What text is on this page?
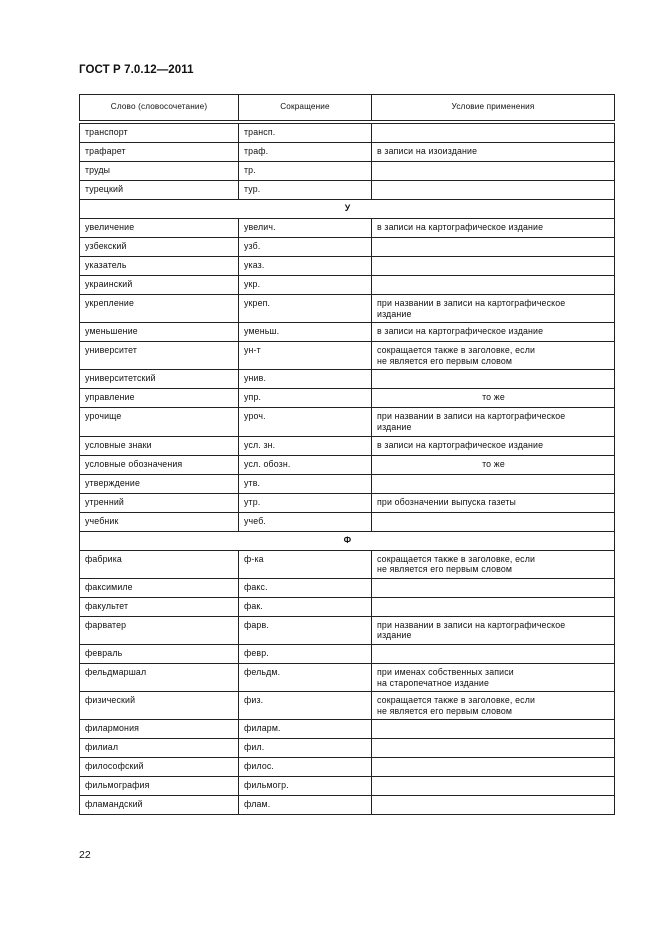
ГОСТ Р 7.0.12—2011
Слово (словосочетание)	Сокращение	Условие применения

транспорт	трансп.	
трафарет	траф.	в записи на изоиздание
труды	тр.	
турецкий	тур.	
У		
увеличение	увелич.	в записи на картографическое издание
узбекский	узб.	
указатель	указ.	
украинский	укр.	
укрепление	укреп.	при названии в записи на картографическое
издание
уменьшение	уменьш.	в записи на картографическое издание
университет	ун-т	сокращается также в заголовке, если
не является его первым словом
университетский	унив.	
управление	упр.	то же
урочище	уроч.	при названии в записи на картографическое
издание
условные знаки	усл. зн.	в записи на картографическое издание
условные обозначения	усл. обозн.	то же
утверждение	утв.	
утренний	утр.	при обозначении выпуска газеты
учебник	учеб.	
Ф		
фабрика	ф-ка	сокращается также в заголовке, если
не является его первым словом
факсимиле	факс.	
факультет	фак.	
фарватер	фарв.	при названии в записи на картографическое
издание
февраль	февр.	
фельдмаршал	фельдм.	при именах собственных записи
на старопечатное издание
физический	физ.	сокращается также в заголовке, если
не является его первым словом
филармония	филарм.	
филиал	фил.	
философский	филос.	
фильмография	фильмогр.	
фламандский	флам.	
22
